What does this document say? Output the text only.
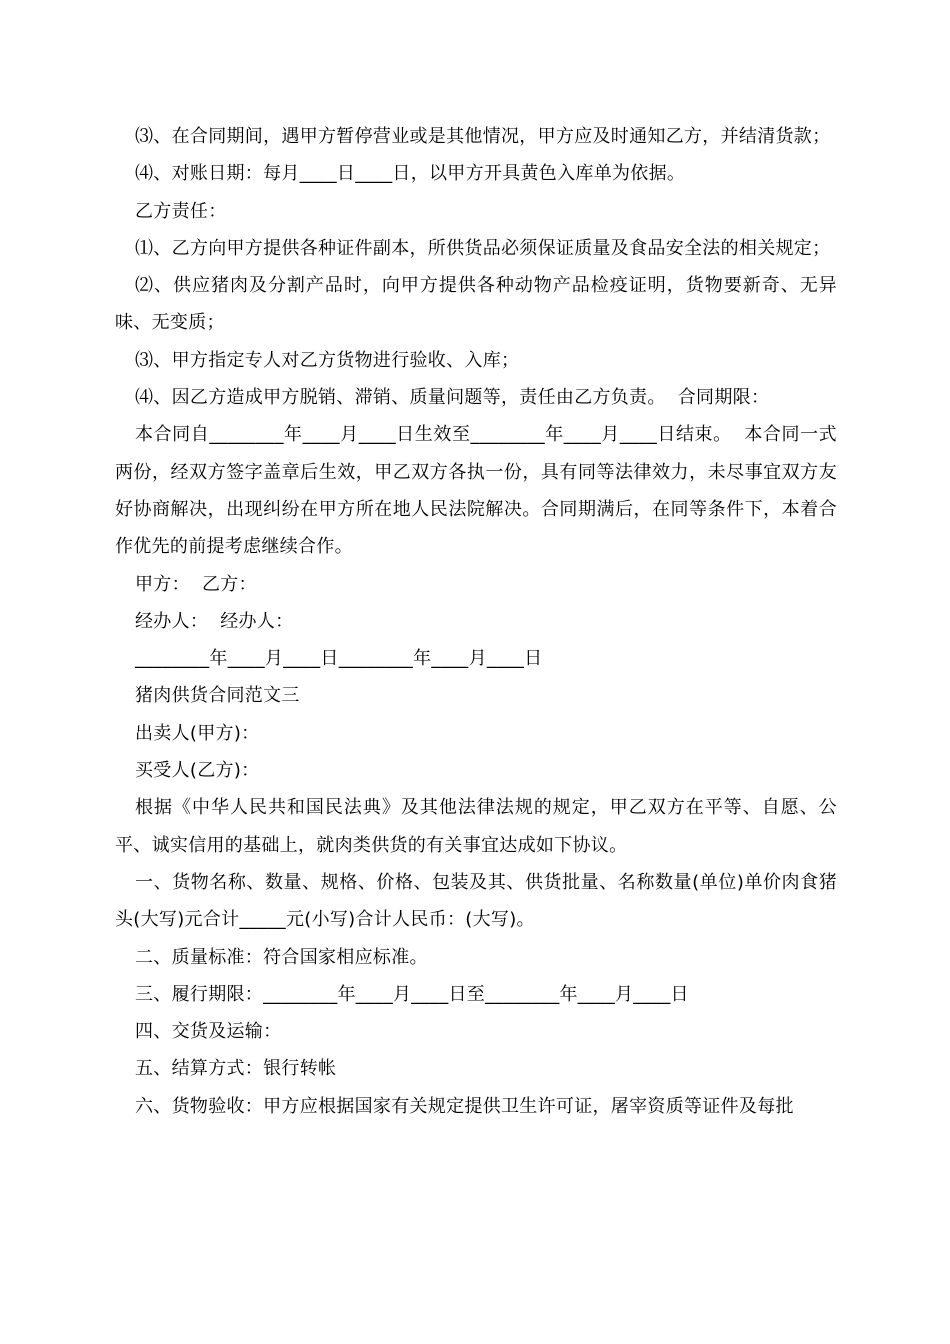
⑶、在合同期间，遇甲方暂停营业或是其他情况，甲方应及时通知乙方，并结清货款；

⑷、对账日期：每月____日____日，以甲方开具黄色入库单为依据。

乙方责任：

⑴、乙方向甲方提供各种证件副本，所供货品必须保证质量及食品安全法的相关规定；

⑵、供应猪肉及分割产品时，向甲方提供各种动物产品检疫证明，货物要新奇、无异味、无变质；

⑶、甲方指定专人对乙方货物进行验收、入库；

⑷、因乙方造成甲方脱销、滞销、质量问题等，责任由乙方负责。  合同期限：

本合同自________年____月____日生效至________年____月____日结束。  本合同一式两份，经双方签字盖章后生效，甲乙双方各执一份，具有同等法律效力，未尽事宜双方友好协商解决，出现纠纷在甲方所在地人民法院解决。合同期满后，在同等条件下，本着合作优先的前提考虑继续合作。

甲方：  乙方：

经办人：  经办人：

________年____月____日________年____月____日

猪肉供货合同范文三

出卖人(甲方)：

买受人(乙方)：

根据《中华人民共和国民法典》及其他法律法规的规定，甲乙双方在平等、自愿、公平、诚实信用的基础上，就肉类供货的有关事宜达成如下协议。

一、货物名称、数量、规格、价格、包装及其、供货批量、名称数量(单位)单价肉食猪头(大写)元合计_____元(小写)合计人民币：(大写)。

二、质量标准：符合国家相应标准。

三、履行期限：________年____月____日至________年____月____日

四、交货及运输：

五、结算方式：银行转帐

六、货物验收：甲方应根据国家有关规定提供卫生许可证，屠宰资质等证件及每批
